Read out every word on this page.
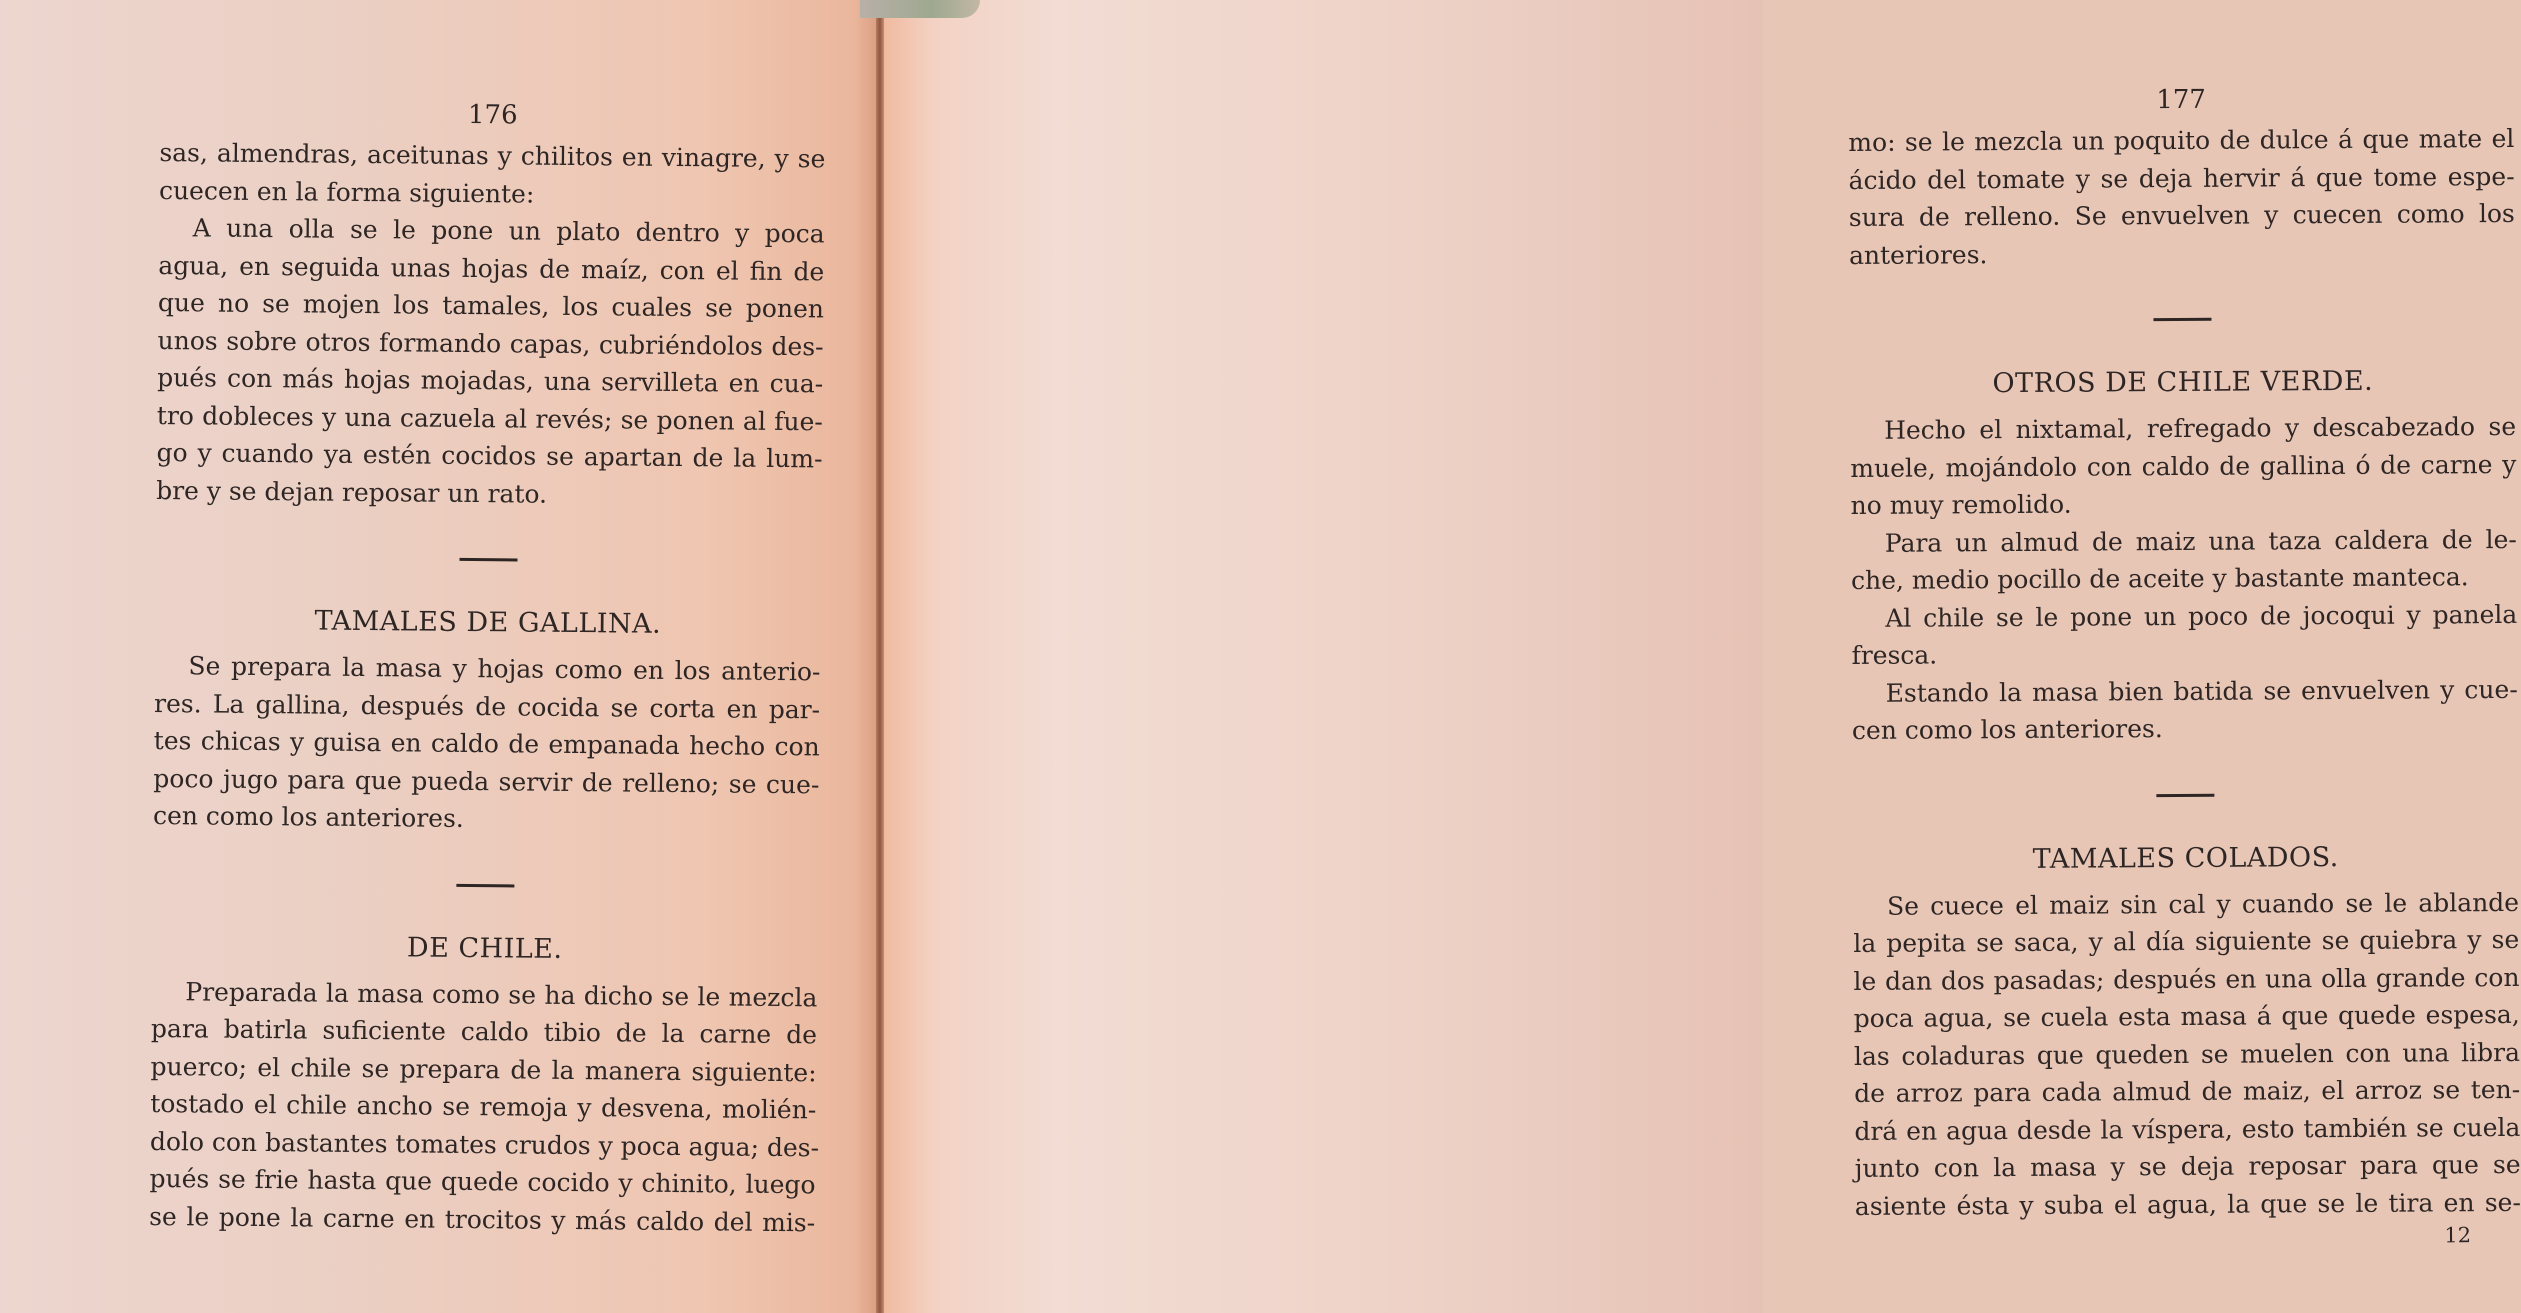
176
sas, almendras, aceitunas y chilitos en vinagre, y se
cuecen en la forma siguiente:
A una olla se le pone un plato dentro y poca
agua, en seguida unas hojas de maíz, con el fin de
que no se mojen los tamales, los cuales se ponen
unos sobre otros formando capas, cubriéndolos des-
pués con más hojas mojadas, una servilleta en cua-
tro dobleces y una cazuela al revés; se ponen al fue-
go y cuando ya estén cocidos se apartan de la lum-
bre y se dejan reposar un rato.
TAMALES DE GALLINA.
Se prepara la masa y hojas como en los anterio-
res. La gallina, después de cocida se corta en par-
tes chicas y guisa en caldo de empanada hecho con
poco jugo para que pueda servir de relleno; se cue-
cen como los anteriores.
DE CHILE.
Preparada la masa como se ha dicho se le mezcla
para batirla suficiente caldo tibio de la carne de
puerco; el chile se prepara de la manera siguiente:
tostado el chile ancho se remoja y desvena, molién-
dolo con bastantes tomates crudos y poca agua; des-
pués se frie hasta que quede cocido y chinito, luego
se le pone la carne en trocitos y más caldo del mis-
177
mo: se le mezcla un poquito de dulce á que mate el
ácido del tomate y se deja hervir á que tome espe-
sura de relleno. Se envuelven y cuecen como los
anteriores.
OTROS DE CHILE VERDE.
Hecho el nixtamal, refregado y descabezado se
muele, mojándolo con caldo de gallina ó de carne y
no muy remolido.
Para un almud de maiz una taza caldera de le-
che, medio pocillo de aceite y bastante manteca.
Al chile se le pone un poco de jocoqui y panela
fresca.
Estando la masa bien batida se envuelven y cue-
cen como los anteriores.
TAMALES COLADOS.
Se cuece el maiz sin cal y cuando se le ablande
la pepita se saca, y al día siguiente se quiebra y se
le dan dos pasadas; después en una olla grande con
poca agua, se cuela esta masa á que quede espesa,
las coladuras que queden se muelen con una libra
de arroz para cada almud de maiz, el arroz se ten-
drá en agua desde la víspera, esto también se cuela
junto con la masa y se deja reposar para que se
asiente ésta y suba el agua, la que se le tira en se-
12
